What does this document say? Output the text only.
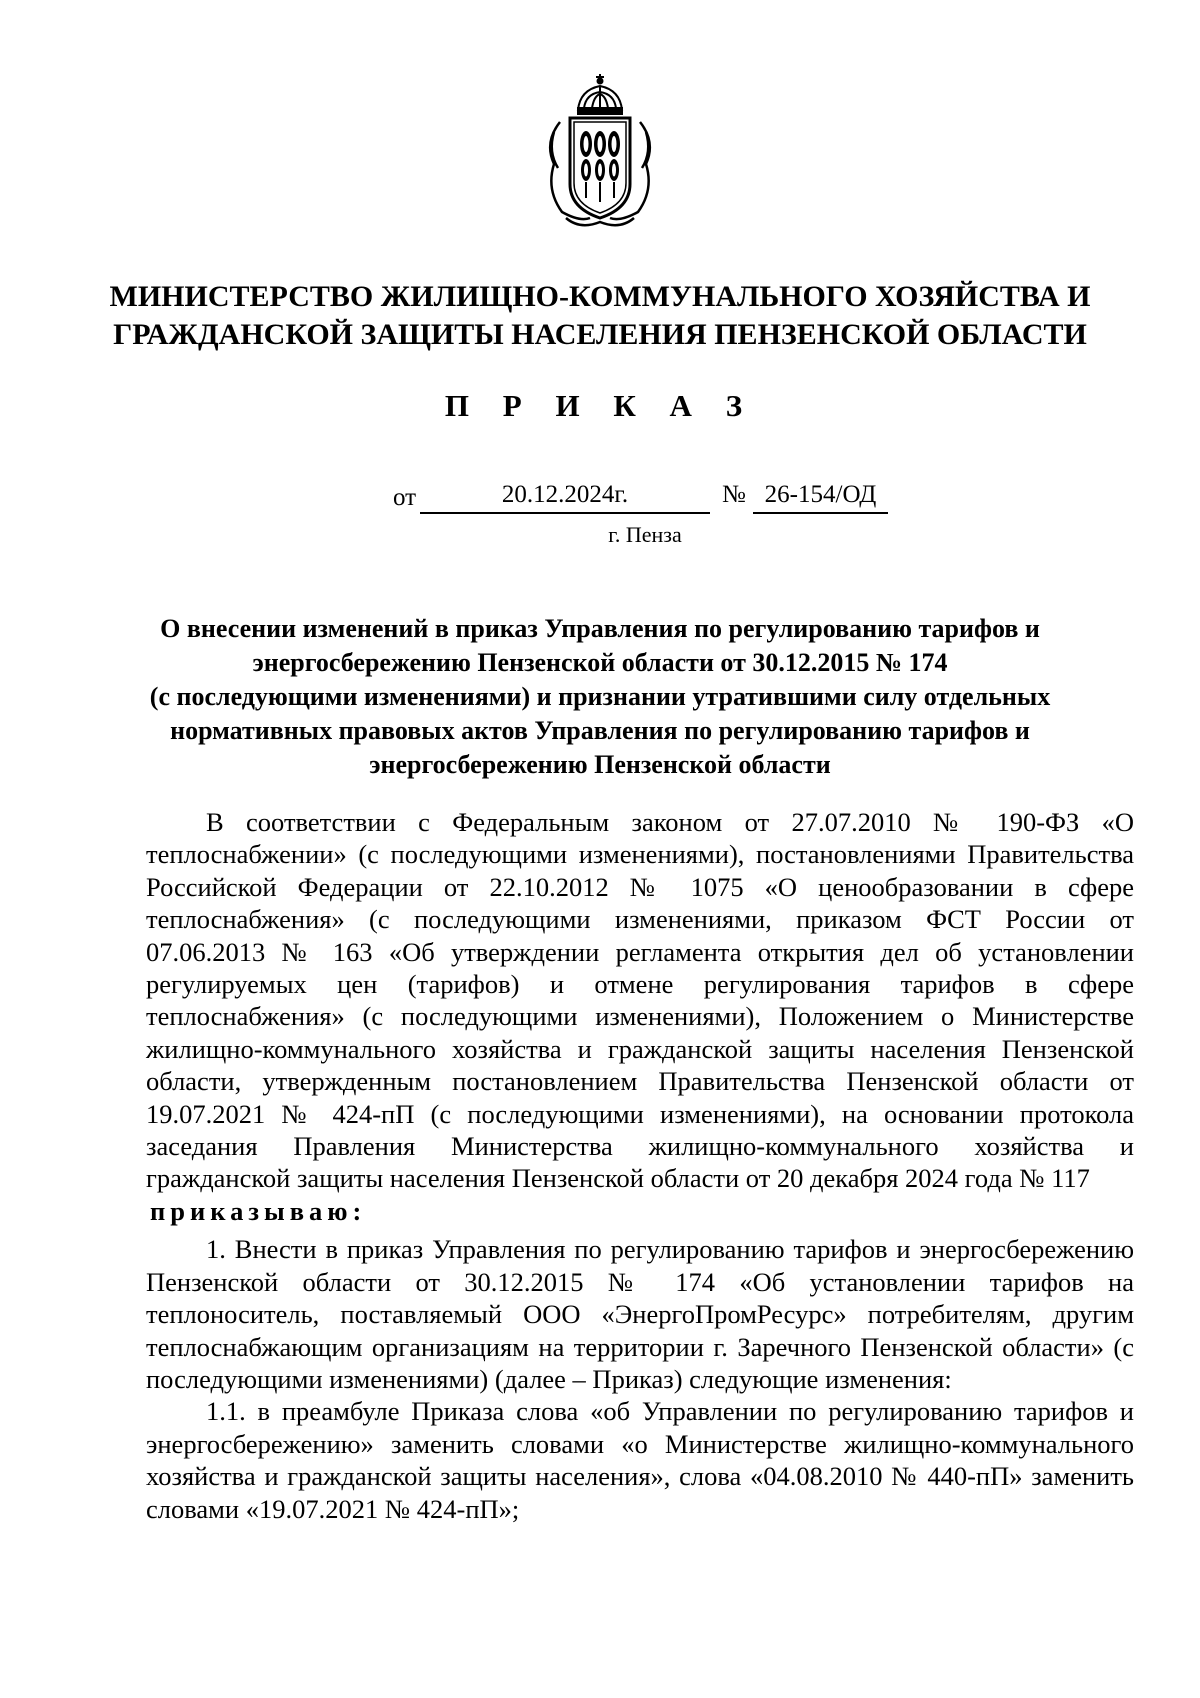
МИНИСТЕРСТВО ЖИЛИЩНО-КОММУНАЛЬНОГО ХОЗЯЙСТВА И
ГРАЖДАНСКОЙ ЗАЩИТЫ НАСЕЛЕНИЯ ПЕНЗЕНСКОЙ ОБЛАСТИ
П Р И К А З
от	20.12.2024г.	№ 26-154/ОД
г. Пенза
О внесении изменений в приказ Управления по регулированию тарифов и
энергосбережению Пензенской области от 30.12.2015 № 174
(с последующими изменениями) и признании утратившими силу отдельных
нормативных правовых актов Управления по регулированию тарифов и
энергосбережению Пензенской области

В соответствии с Федеральным законом от 27.07.2010 № 190-ФЗ «О теплоснабжении» (с последующими изменениями), постановлениями Правительства Российской Федерации от 22.10.2012 № 1075 «О ценообразовании в сфере теплоснабжения» (с последующими изменениями, приказом ФСТ России от 07.06.2013 № 163 «Об утверждении регламента открытия дел об установлении регулируемых цен (тарифов) и отмене регулирования тарифов в сфере теплоснабжения» (с последующими изменениями), Положением о Министерстве жилищно-коммунального хозяйства и гражданской защиты населения Пензенской области, утвержденным постановлением Правительства Пензенской области от 19.07.2021 № 424-пП (с последующими изменениями), на основании протокола заседания Правления Министерства жилищно-коммунального хозяйства и гражданской защиты населения Пензенской области от 20 декабря 2024 года № 117
приказываю:

1. Внести в приказ Управления по регулированию тарифов и энергосбережению Пензенской области от 30.12.2015 № 174 «Об установлении тарифов на теплоноситель, поставляемый ООО «ЭнергоПромРесурс» потребителям, другим теплоснабжающим организациям на территории г. Заречного Пензенской области» (с последующими изменениями) (далее – Приказ) следующие изменения:

1.1. в преамбуле Приказа слова «об Управлении по регулированию тарифов и энергосбережению» заменить словами «о Министерстве жилищно-коммунального хозяйства и гражданской защиты населения», слова «04.08.2010 № 440-пП» заменить словами «19.07.2021 № 424-пП»;
